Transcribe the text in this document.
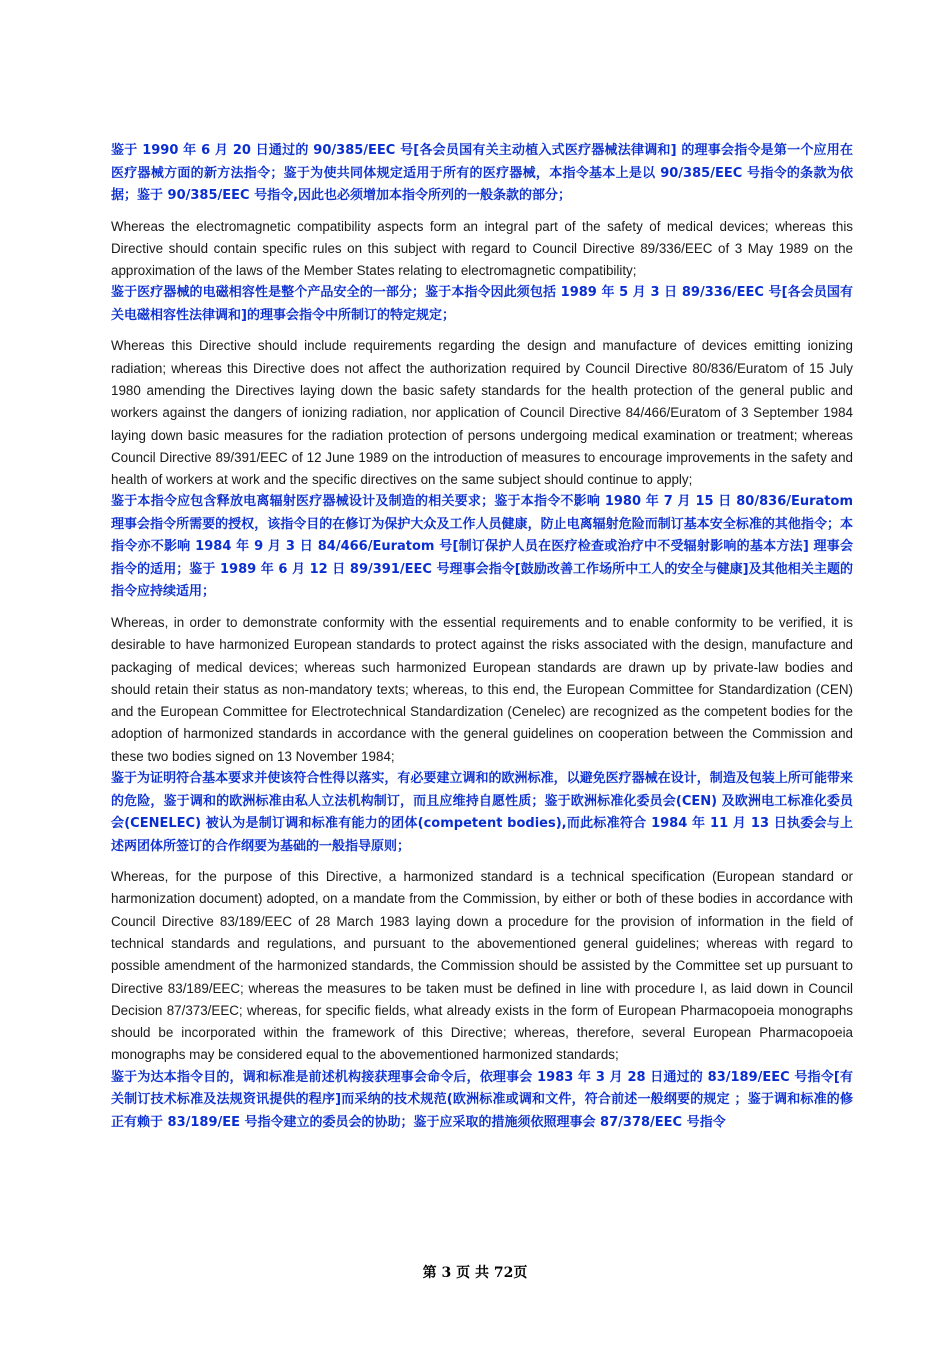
鉴于 1990 年 6 月 20 日通过的 90/385/EEC 号[各会员国有关主动植入式医疗器械法律调和] 的理事会指令是第一个应用在医疗器械方面的新方法指令；鉴于为使共同体规定适用于所有的医疗器械，本指令基本上是以 90/385/EEC 号指令的条款为依据；鉴于 90/385/EEC 号指令,因此也必须增加本指令所列的一般条款的部分；

Whereas the electromagnetic compatibility aspects form an integral part of the safety of medical devices; whereas this Directive should contain specific rules on this subject with regard to Council Directive 89/336/EEC of 3 May 1989 on the approximation of the laws of the Member States relating to electromagnetic compatibility;

鉴于医疗器械的电磁相容性是整个产品安全的一部分；鉴于本指令因此须包括 1989 年 5 月 3 日 89/336/EEC 号[各会员国有关电磁相容性法律调和]的理事会指令中所制订的特定规定；

Whereas this Directive should include requirements regarding the design and manufacture of devices emitting ionizing radiation; whereas this Directive does not affect the authorization required by Council Directive 80/836/Euratom of 15 July 1980 amending the Directives laying down the basic safety standards for the health protection of the general public and workers against the dangers of ionizing radiation, nor application of Council Directive 84/466/Euratom of 3 September 1984 laying down basic measures for the radiation protection of persons undergoing medical examination or treatment; whereas Council Directive 89/391/EEC of 12 June 1989 on the introduction of measures to encourage improvements in the safety and health of workers at work and the specific directives on the same subject should continue to apply;

鉴于本指令应包含释放电离辐射医疗器械设计及制造的相关要求；鉴于本指令不影响 1980 年 7 月 15 日 80/836/Euratom 理事会指令所需要的授权，该指令目的在修订为保护大众及工作人员健康，防止电离辐射危险而制订基本安全标准的其他指令；本指令亦不影响 1984 年 9 月 3 日 84/466/Euratom 号[制订保护人员在医疗检查或治疗中不受辐射影响的基本方法] 理事会指令的适用；鉴于 1989 年 6 月 12 日 89/391/EEC 号理事会指令[鼓励改善工作场所中工人的安全与健康]及其他相关主题的指令应持续适用；

Whereas, in order to demonstrate conformity with the essential requirements and to enable conformity to be verified, it is desirable to have harmonized European standards to protect against the risks associated with the design, manufacture and packaging of medical devices; whereas such harmonized European standards are drawn up by private-law bodies and should retain their status as non-mandatory texts; whereas, to this end, the European Committee for Standardization (CEN) and the European Committee for Electrotechnical Standardization (Cenelec) are recognized as the competent bodies for the adoption of harmonized standards in accordance with the general guidelines on cooperation between the Commission and these two bodies signed on 13 November 1984;

鉴于为证明符合基本要求并使该符合性得以落实，有必要建立调和的欧洲标准，以避免医疗器械在设计，制造及包装上所可能带来的危险，鉴于调和的欧洲标准由私人立法机构制订，而且应维持自愿性质；鉴于欧洲标准化委员会(CEN) 及欧洲电工标准化委员会(CENELEC) 被认为是制订调和标准有能力的团体(competent bodies),而此标准符合 1984 年 11 月 13 日执委会与上述两团体所签订的合作纲要为基础的一般指导原则；

Whereas, for the purpose of this Directive, a harmonized standard is a technical specification (European standard or harmonization document) adopted, on a mandate from the Commission, by either or both of these bodies in accordance with Council Directive 83/189/EEC of 28 March 1983 laying down a procedure for the provision of information in the field of technical standards and regulations, and pursuant to the abovementioned general guidelines; whereas with regard to possible amendment of the harmonized standards, the Commission should be assisted by the Committee set up pursuant to Directive 83/189/EEC; whereas the measures to be taken must be defined in line with procedure I, as laid down in Council Decision 87/373/EEC; whereas, for specific fields, what already exists in the form of European Pharmacopoeia monographs should be incorporated within the framework of this Directive; whereas, therefore, several European Pharmacopoeia monographs may be considered equal to the abovementioned harmonized standards;

鉴于为达本指令目的，调和标准是前述机构接获理事会命令后，依理事会 1983 年 3 月 28 日通过的 83/189/EEC 号指令[有关制订技术标准及法规资讯提供的程序]而采纳的技术规范(欧洲标准或调和文件，符合前述一般纲要的规定 ；鉴于调和标准的修正有赖于 83/189/EE 号指令建立的委员会的协助；鉴于应采取的措施须依照理事会 87/378/EEC 号指令

第 3 页 共 72页
